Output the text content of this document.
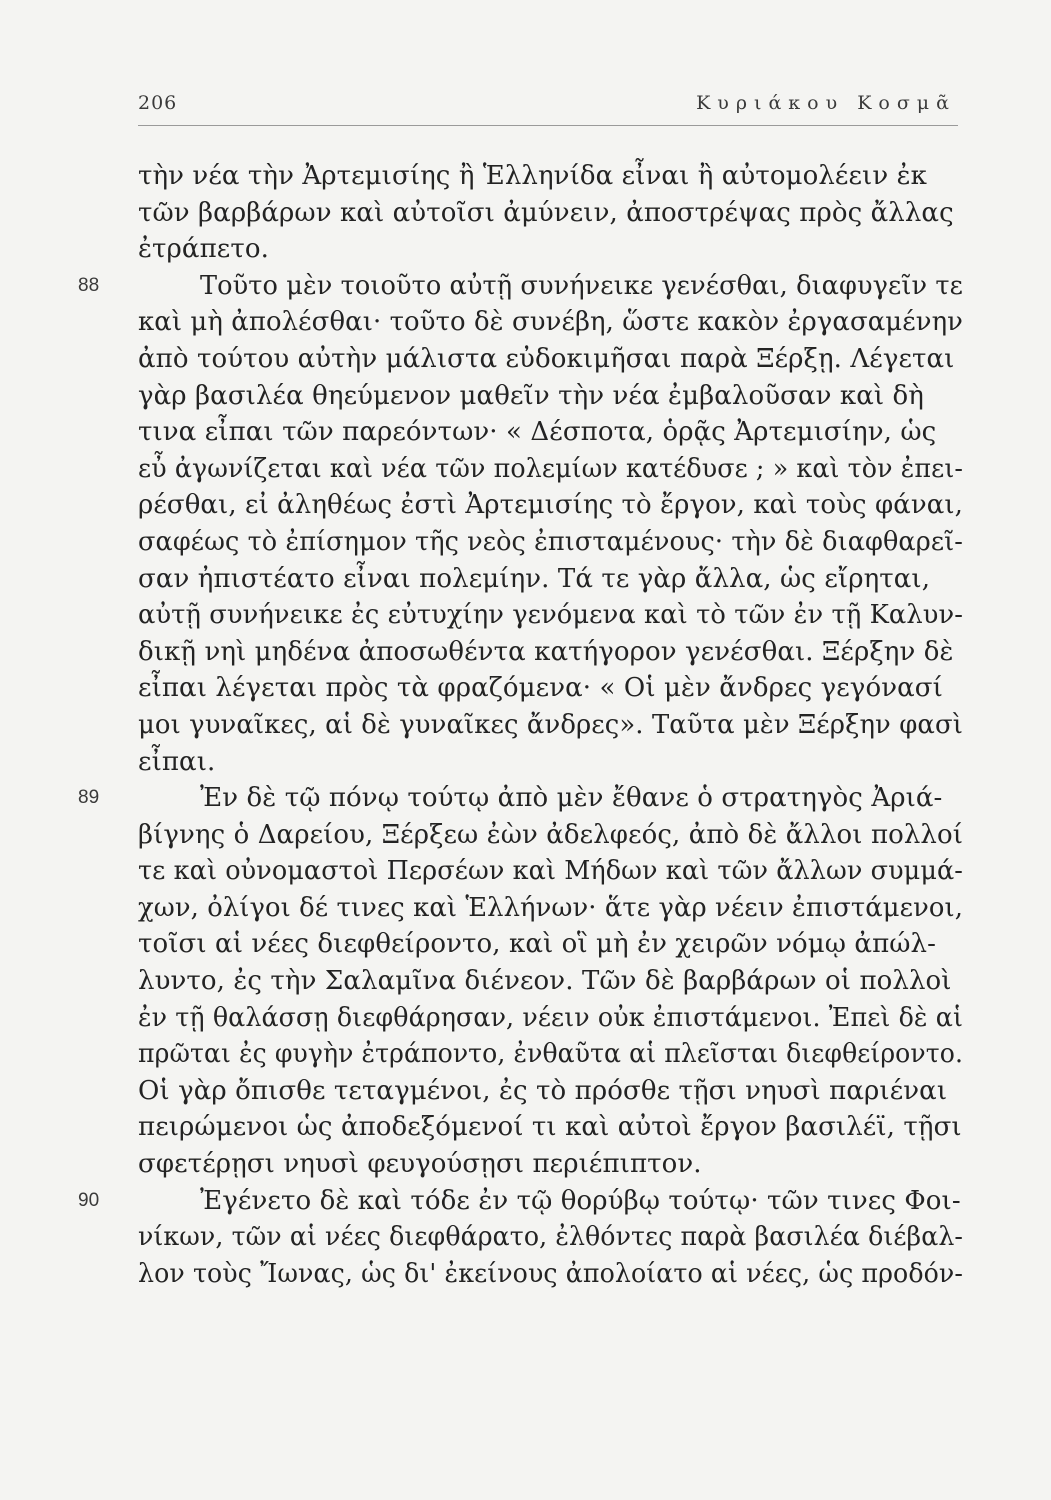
206	Κυριάκου Κοσμᾶ
τὴν νέα τὴν Ἀρτεμισίης ἢ Ἑλληνίδα εἶναι ἢ αὐτομολέειν ἐκ
τῶν βαρβάρων καὶ αὐτοῖσι ἀμύνειν, ἀποστρέψας πρὸς ἄλλας
ἐτράπετο.
88	Τοῦτο μὲν τοιοῦτο αὐτῇ συνήνεικε γενέσθαι, διαφυγεῖν τε
καὶ μὴ ἀπολέσθαι· τοῦτο δὲ συνέβη, ὥστε κακὸν ἐργασαμένην
ἀπὸ τούτου αὐτὴν μάλιστα εὐδοκιμῆσαι παρὰ Ξέρξῃ. Λέγεται
γὰρ βασιλέα θηεύμενον μαθεῖν τὴν νέα ἐμβαλοῦσαν καὶ δὴ
τινα εἶπαι τῶν παρεόντων· « Δέσποτα, ὁρᾷς Ἀρτεμισίην, ὡς
εὖ ἀγωνίζεται καὶ νέα τῶν πολεμίων κατέδυσε ; » καὶ τὸν ἐπει-
ρέσθαι, εἰ ἀληθέως ἐστὶ Ἀρτεμισίης τὸ ἔργον, καὶ τοὺς φάναι,
σαφέως τὸ ἐπίσημον τῆς νεὸς ἐπισταμένους· τὴν δὲ διαφθαρεῖ-
σαν ἠπιστέατο εἶναι πολεμίην. Τά τε γὰρ ἄλλα, ὡς εἴρηται,
αὐτῇ συνήνεικε ἐς εὐτυχίην γενόμενα καὶ τὸ τῶν ἐν τῇ Καλυν-
δικῇ νηὶ μηδένα ἀποσωθέντα κατήγορον γενέσθαι. Ξέρξην δὲ
εἶπαι λέγεται πρὸς τὰ φραζόμενα· « Οἱ μὲν ἄνδρες γεγόνασί
μοι γυναῖκες, αἱ δὲ γυναῖκες ἄνδρες». Ταῦτα μὲν Ξέρξην φασὶ
εἶπαι.
89	Ἐν δὲ τῷ πόνῳ τούτῳ ἀπὸ μὲν ἔθανε ὁ στρατηγὸς Ἀριά-
βίγνης ὁ Δαρείου, Ξέρξεω ἐὼν ἀδελφεός, ἀπὸ δὲ ἄλλοι πολλοί
τε καὶ οὐνομαστοὶ Περσέων καὶ Μήδων καὶ τῶν ἄλλων συμμά-
χων, ὀλίγοι δέ τινες καὶ Ἑλλήνων· ἅτε γὰρ νέειν ἐπιστάμενοι,
τοῖσι αἱ νέες διεφθείροντο, καὶ οἳ μὴ ἐν χειρῶν νόμῳ ἀπώλ-
λυντο, ἐς τὴν Σαλαμῖνα διένεον. Τῶν δὲ βαρβάρων οἱ πολλοὶ
ἐν τῇ θαλάσσῃ διεφθάρησαν, νέειν οὐκ ἐπιστάμενοι. Ἐπεὶ δὲ αἱ
πρῶται ἐς φυγὴν ἐτράποντο, ἐνθαῦτα αἱ πλεῖσται διεφθείροντο.
Οἱ γὰρ ὄπισθε τεταγμένοι, ἐς τὸ πρόσθε τῇσι νηυσὶ παριέναι
πειρώμενοι ὡς ἀποδεξόμενοί τι καὶ αὐτοὶ ἔργον βασιλέϊ, τῇσι
σφετέρῃσι νηυσὶ φευγούσῃσι περιέπιπτον.
90	Ἐγένετο δὲ καὶ τόδε ἐν τῷ θορύβῳ τούτῳ· τῶν τινες Φοι-
νίκων, τῶν αἱ νέες διεφθάρατο, ἐλθόντες παρὰ βασιλέα διέβαλ-
λον τοὺς Ἴωνας, ὡς δι' ἐκείνους ἀπολοίατο αἱ νέες, ὡς προδόν-
